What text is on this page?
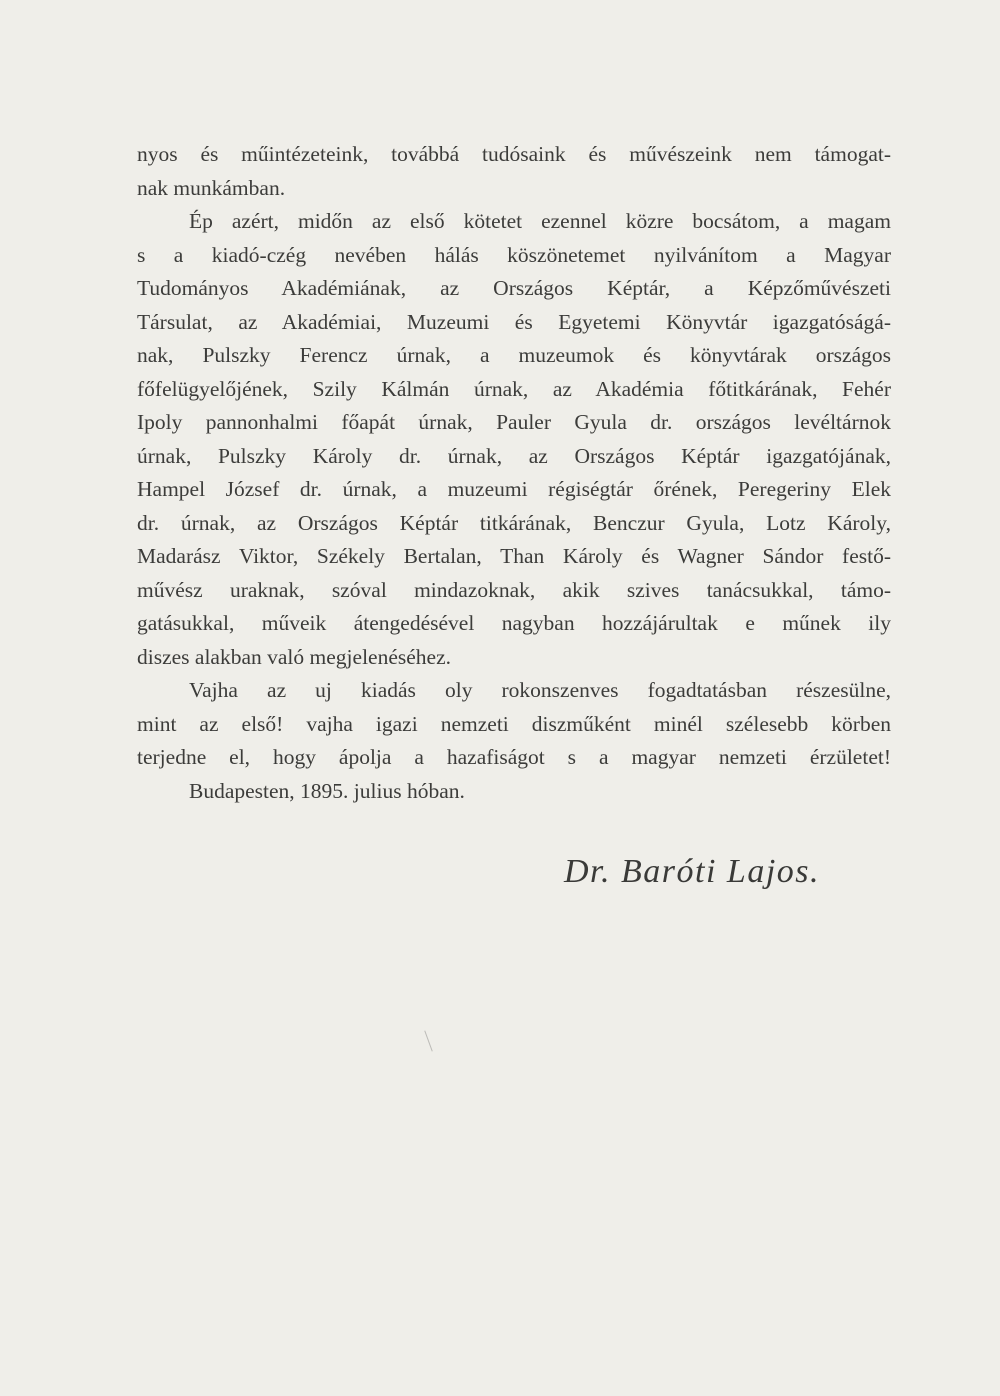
nyos és műintézeteink, továbbá tudósaink és művészeink nem támogat-
nak munkámban.
Ép azért, midőn az első kötetet ezennel közre bocsátom, a magam
s a kiadó-czég nevében hálás köszönetemet nyilvánítom a Magyar
Tudományos Akadémiának, az Országos Képtár, a Képzőművészeti
Társulat, az Akadémiai, Muzeumi és Egyetemi Könyvtár igazgatóságá-
nak, Pulszky Ferencz úrnak, a muzeumok és könyvtárak országos
főfelügyelőjének, Szily Kálmán úrnak, az Akadémia főtitkárának, Fehér
Ipoly pannonhalmi főapát úrnak, Pauler Gyula dr. országos levéltárnok
úrnak, Pulszky Károly dr. úrnak, az Országos Képtár igazgatójának,
Hampel József dr. úrnak, a muzeumi régiségtár őrének, Peregeriny Elek
dr. úrnak, az Országos Képtár titkárának, Benczur Gyula, Lotz Károly,
Madarász Viktor, Székely Bertalan, Than Károly és Wagner Sándor festő-
művész uraknak, szóval mindazoknak, akik szives tanácsukkal, támo-
gatásukkal, műveik átengedésével nagyban hozzájárultak e műnek ily
diszes alakban való megjelenéséhez.
Vajha az uj kiadás oly rokonszenves fogadtatásban részesülne,
mint az első! vajha igazi nemzeti diszműként minél szélesebb körben
terjedne el, hogy ápolja a hazafiságot s a magyar nemzeti érzületet!
Budapesten, 1895. julius hóban.
Dr. Baróti Lajos.
